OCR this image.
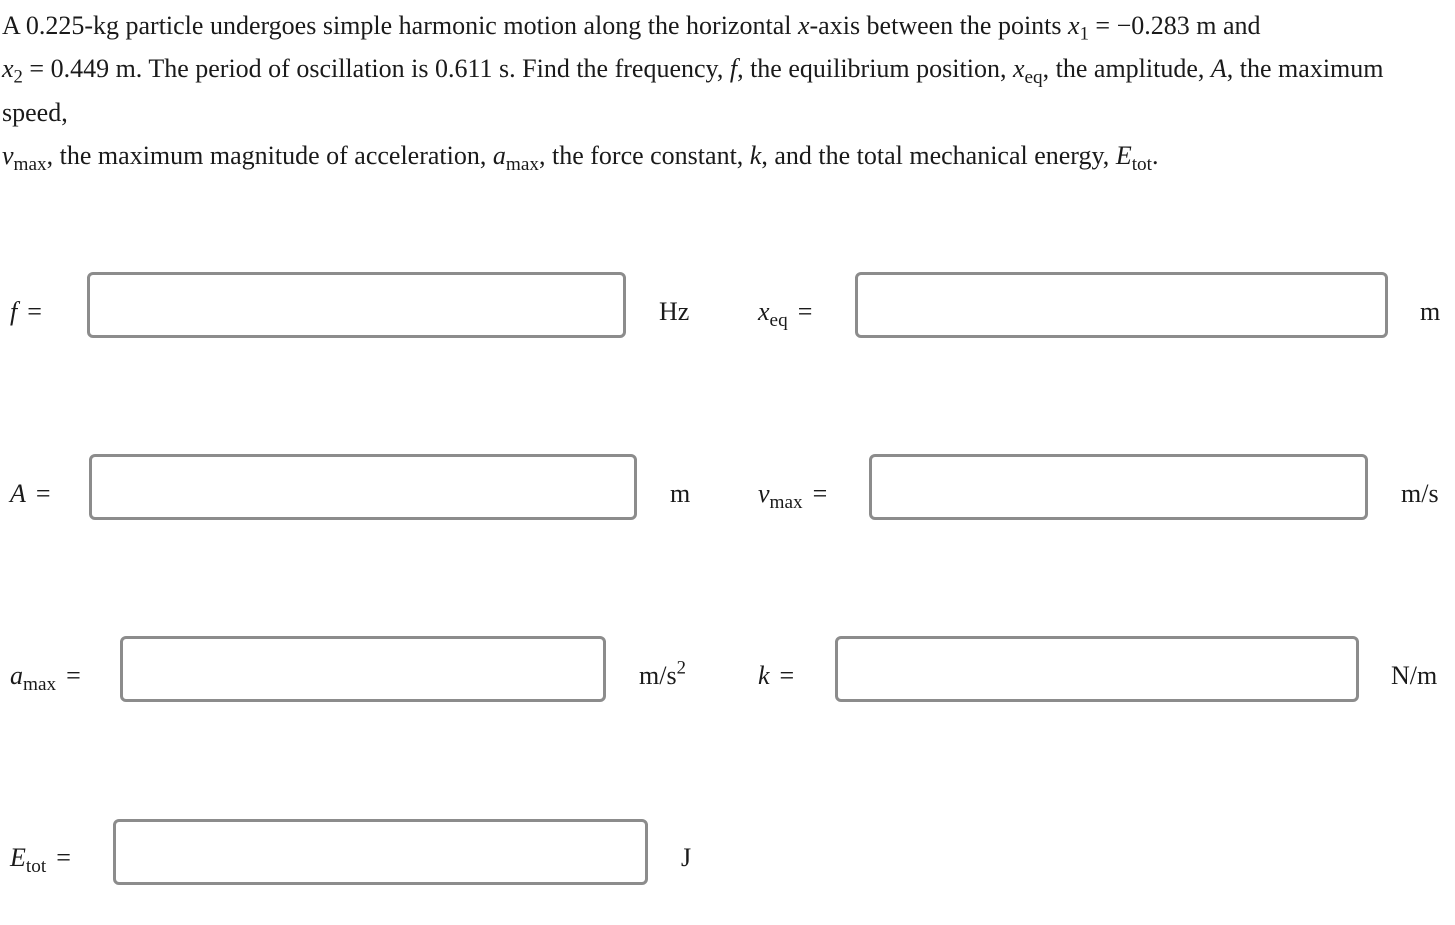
A 0.225-kg particle undergoes simple harmonic motion along the horizontal x-axis between the points $x_1 = -0.283$ m and
$x_2 = 0.449$ m. The period of oscillation is 0.611 s. Find the frequency, f, the equilibrium position, $x_{eq}$, the amplitude, A, the maximum speed,
$v_{max}$, the maximum magnitude of acceleration, $a_{max}$, the force constant, k, and the total mechanical energy, $E_{tot}$.

f =	Hz	$x_{eq}$ =	m
A =	m	$v_{max}$ =	m/s
$a_{max}$ =	$m/s^2$	k =	N/m
$E_{tot}$ =	J
